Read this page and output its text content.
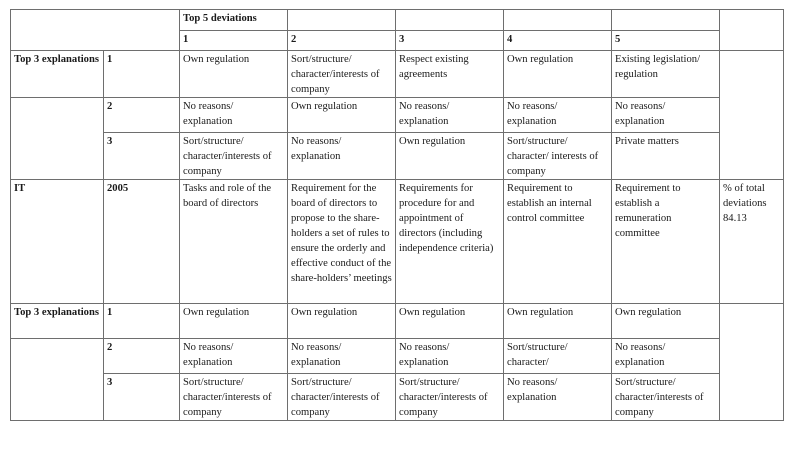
		Top 5 deviations					
		1	2	3	4	5	
Top 3 explanations	1	Own regulation	Sort/structure/ character/interests of company	Respect existing agreements	Own regulation	Existing legislation/ regulation	
	2	No reasons/ explanation	Own regulation	No reasons/ explanation	No reasons/ explanation	No reasons/ explanation	
	3	Sort/structure/ character/interests of company	No reasons/ explanation	Own regulation	Sort/structure/ character/ interests of company	Private matters	
IT	2005	Tasks and role of the board of directors	Requirement for the board of directors to propose to the share-holders a set of rules to ensure the orderly and effective conduct of the share-holders’ meetings	Requirements for procedure for and appointment of directors (including independence criteria)	Requirement to establish an internal control committee	Requirement to establish a remuneration committee	% of total deviations 84.13
Top 3 explanations	1	Own regulation	Own regulation	Own regulation	Own regulation	Own regulation	
	2	No reasons/ explanation	No reasons/ explanation	No reasons/ explanation	Sort/structure/ character/	No reasons/ explanation	
	3	Sort/structure/ character/interests of company	Sort/structure/ character/interests of company	Sort/structure/ character/interests of company	No reasons/ explanation	Sort/structure/ character/interests of company	
